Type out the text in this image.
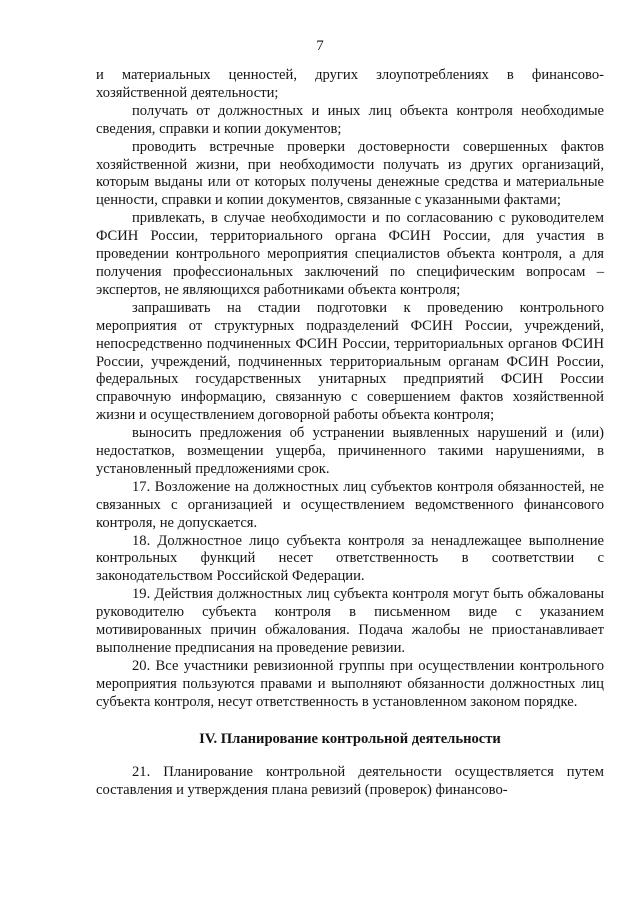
7

и материальных ценностей, других злоупотреблениях в финансово-хозяйственной деятельности;

получать от должностных и иных лиц объекта контроля необходимые сведения, справки и копии документов;

проводить встречные проверки достоверности совершенных фактов хозяйственной жизни, при необходимости получать из других организаций, которым выданы или от которых получены денежные средства и материальные ценности, справки и копии документов, связанные с указанными фактами;

привлекать, в случае необходимости и по согласованию с руководителем ФСИН России, территориального органа ФСИН России, для участия в проведении контрольного мероприятия специалистов объекта контроля, а для получения профессиональных заключений по специфическим вопросам – экспертов, не являющихся работниками объекта контроля;

запрашивать на стадии подготовки к проведению контрольного мероприятия от структурных подразделений ФСИН России, учреждений, непосредственно подчиненных ФСИН России, территориальных органов ФСИН России, учреждений, подчиненных территориальным органам ФСИН России, федеральных государственных унитарных предприятий ФСИН России справочную информацию, связанную с совершением фактов хозяйственной жизни и осуществлением договорной работы объекта контроля;

выносить предложения об устранении выявленных нарушений и (или) недостатков, возмещении ущерба, причиненного такими нарушениями, в установленный предложениями срок.

17. Возложение на должностных лиц субъектов контроля обязанностей, не связанных с организацией и осуществлением ведомственного финансового контроля, не допускается.

18. Должностное лицо субъекта контроля за ненадлежащее выполнение контрольных функций несет ответственность в соответствии с законодательством Российской Федерации.

19. Действия должностных лиц субъекта контроля могут быть обжалованы руководителю субъекта контроля в письменном виде с указанием мотивированных причин обжалования. Подача жалобы не приостанавливает выполнение предписания на проведение ревизии.

20. Все участники ревизионной группы при осуществлении контрольного мероприятия пользуются правами и выполняют обязанности должностных лиц субъекта контроля, несут ответственность в установленном законом порядке.

IV. Планирование контрольной деятельности

21. Планирование контрольной деятельности осуществляется путем составления и утверждения плана ревизий (проверок) финансово-
